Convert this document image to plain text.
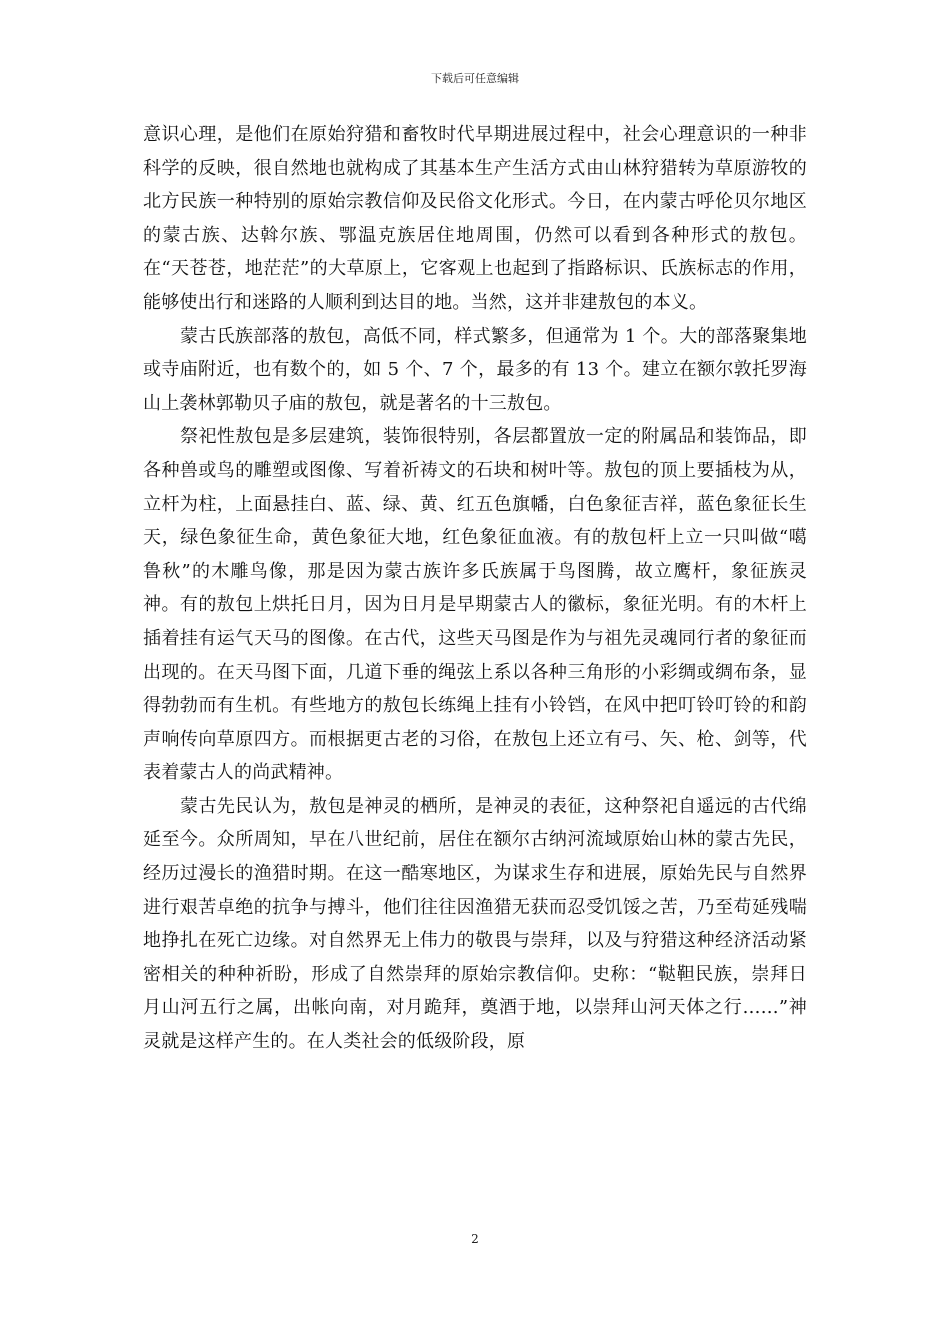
下载后可任意编辑

意识心理，是他们在原始狩猎和畜牧时代早期进展过程中，社会心理意识的一种非科学的反映，很自然地也就构成了其基本生产生活方式由山林狩猎转为草原游牧的北方民族一种特别的原始宗教信仰及民俗文化形式。今日，在内蒙古呼伦贝尔地区的蒙古族、达斡尔族、鄂温克族居住地周围，仍然可以看到各种形式的敖包。在“天苍苍，地茫茫”的大草原上，它客观上也起到了指路标识、氏族标志的作用，能够使出行和迷路的人顺利到达目的地。当然，这并非建敖包的本义。

蒙古氏族部落的敖包，高低不同，样式繁多，但通常为 1 个。大的部落聚集地或寺庙附近，也有数个的，如 5 个、7 个，最多的有 13 个。建立在额尔敦托罗海山上袭林郭勒贝子庙的敖包，就是著名的十三敖包。

祭祀性敖包是多层建筑，装饰很特别，各层都置放一定的附属品和装饰品，即各种兽或鸟的雕塑或图像、写着祈祷文的石块和树叶等。敖包的顶上要插枝为从，立杆为柱，上面悬挂白、蓝、绿、黄、红五色旗幡，白色象征吉祥，蓝色象征长生天，绿色象征生命，黄色象征大地，红色象征血液。有的敖包杆上立一只叫做“噶鲁秋”的木雕鸟像，那是因为蒙古族许多氏族属于鸟图腾，故立鹰杆，象征族灵神。有的敖包上烘托日月，因为日月是早期蒙古人的徽标，象征光明。有的木杆上插着挂有运气天马的图像。在古代，这些天马图是作为与祖先灵魂同行者的象征而出现的。在天马图下面，几道下垂的绳弦上系以各种三角形的小彩绸或绸布条，显得勃勃而有生机。有些地方的敖包长练绳上挂有小铃铛，在风中把叮铃叮铃的和韵声响传向草原四方。而根据更古老的习俗，在敖包上还立有弓、矢、枪、剑等，代表着蒙古人的尚武精神。

蒙古先民认为，敖包是神灵的栖所，是神灵的表征，这种祭祀自遥远的古代绵延至今。众所周知，早在八世纪前，居住在额尔古纳河流域原始山林的蒙古先民，经历过漫长的渔猎时期。在这一酷寒地区，为谋求生存和进展，原始先民与自然界进行艰苦卓绝的抗争与搏斗，他们往往因渔猎无获而忍受饥馁之苦，乃至苟延残喘地挣扎在死亡边缘。对自然界无上伟力的敬畏与崇拜，以及与狩猎这种经济活动紧密相关的种种祈盼，形成了自然崇拜的原始宗教信仰。史称：“鞑靼民族，崇拜日月山河五行之属，出帐向南，对月跪拜，奠酒于地，以崇拜山河天体之行……”神灵就是这样产生的。在人类社会的低级阶段，原

2
